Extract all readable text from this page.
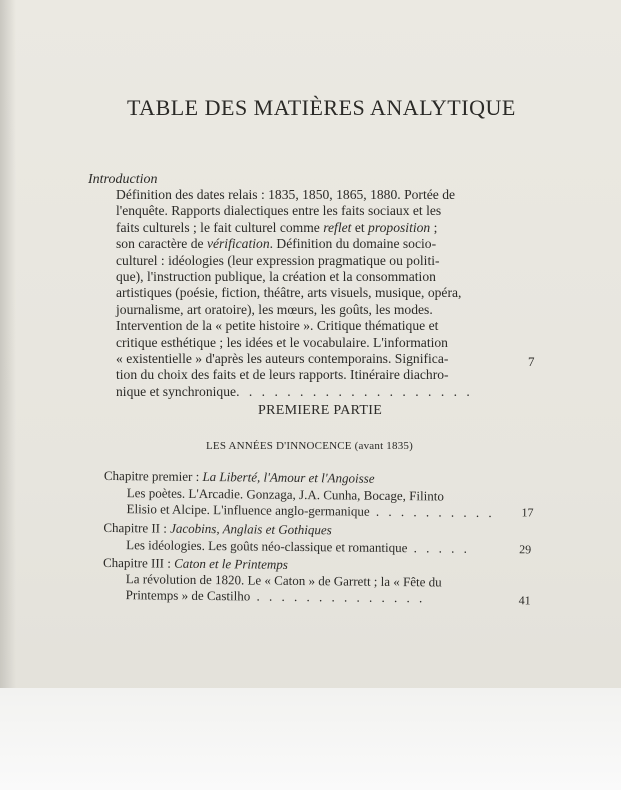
TABLE DES MATIÈRES ANALYTIQUE
Introduction
Définition des dates relais : 1835, 1850, 1865, 1880. Portée de
l'enquête. Rapports dialectiques entre les faits sociaux et les
faits culturels ; le fait culturel comme reflet et proposition ;
son caractère de vérification. Définition du domaine socio-
culturel : idéologies (leur expression pragmatique ou politi-
que), l'instruction publique, la création et la consommation
artistiques (poésie, fiction, théâtre, arts visuels, musique, opéra,
journalisme, art oratoire), les mœurs, les goûts, les modes.
Intervention de la « petite histoire ». Critique thématique et
critique esthétique ; les idées et le vocabulaire. L'information
« existentielle » d'après les auteurs contemporains. Significa-
tion du choix des faits et de leurs rapports. Itinéraire diachro-
nique et synchronique. . . . . . . . . . . . . . . . . . .
7
PREMIERE PARTIE
LES ANNÉES D'INNOCENCE (avant 1835)
Chapitre premier : La Liberté, l'Amour et l'Angoisse
Les poètes. L'Arcadie. Gonzaga, J.A. Cunha, Bocage, Filinto
Elisio et Alcipe. L'influence anglo-germanique . . . . . . . . . . 17
Chapitre II : Jacobins, Anglais et Gothiques
Les idéologies. Les goûts néo-classique et romantique . . . . .	29
Chapitre III : Caton et le Printemps
La révolution de 1820. Le « Caton » de Garrett ; la « Fête du
Printemps » de Castilho . . . . . . . . . . . . . .	41
